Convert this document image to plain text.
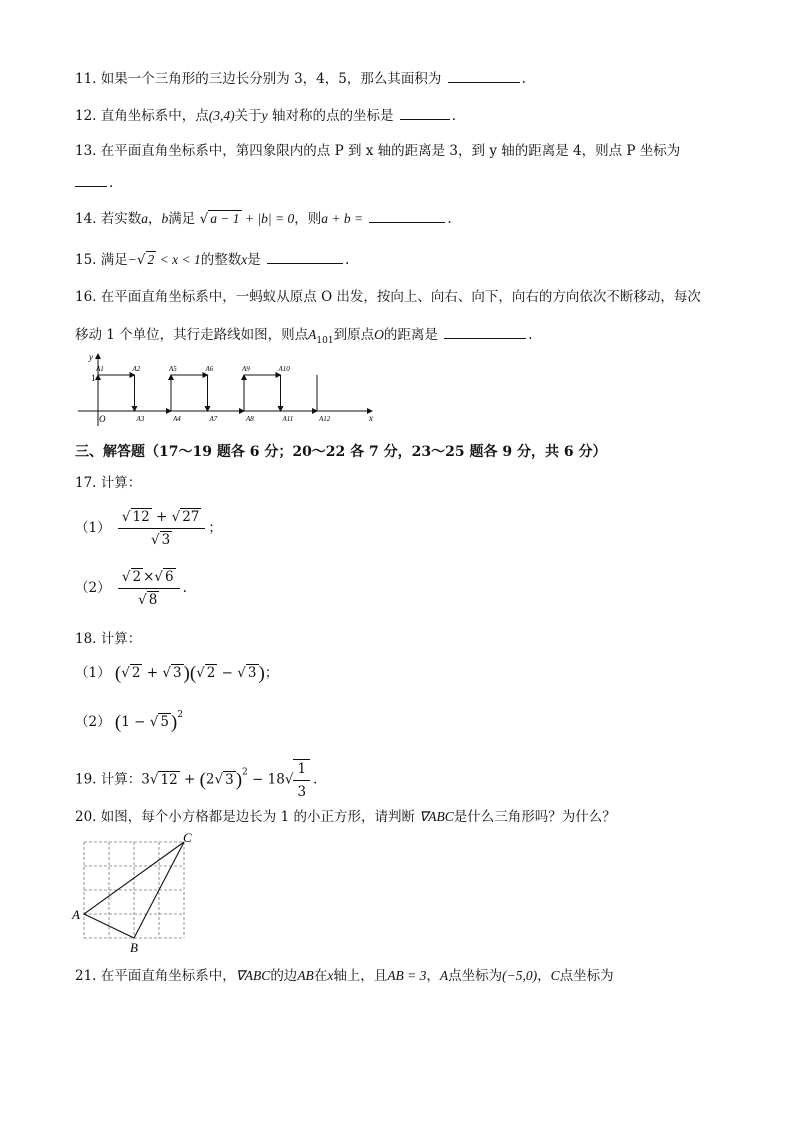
11. 如果一个三角形的三边长分别为 3，4，5，那么其面积为	.
12. 直角坐标系中，点(3,4)关于y 轴对称的点的坐标是	.
13. 在平面直角坐标系中，第四象限内的点 P 到 x 轴的距离是 3，到 y 轴的距离是 4，则点 P 坐标为
.
14. 若实数a，b满足 √ a − 1 + |b| = 0，则a + b =	.
15. 满足−√ 2 < x < 1的整数x是	.
16. 在平面直角坐标系中，一蚂蚁从原点 O 出发，按向上、向右、向下，向右的方向依次不断移动，每次
移动 1 个单位，其行走路线如图，则点$A_{101}$到原点O的距离是	.
y
x
O
1
A1	A2
A3	A4
A5	A6
A7	A8
A9	A10
A11	A12
三、解答题（17～19 题各 6 分；20～22 各 7 分，23～25 题各 9 分，共 6 分）
17. 计算：
$(1) \frac{√ 12 + √ 27}{√ 3}$ ；
$(2) \frac{√ 2 \times√ 6}{√ 8}$ .
18. 计算：
（1） (√ 2 + √ 3 )(√ 2 − √ 3 )；
（2） (1 − √ 5 )$^2$
19. 计算：3√ 12 + (2√ 3 )$^2 - 18√ \frac{1}{3}$ .
20. 如图，每个小方格都是边长为 1 的小正方形，请判断 ∇ABC是什么三角形吗？为什么？
A
B
C
21. 在平面直角坐标系中，∇ABC的边AB在x轴上，且AB = 3，A点坐标为(−5,0)，C点坐标为
